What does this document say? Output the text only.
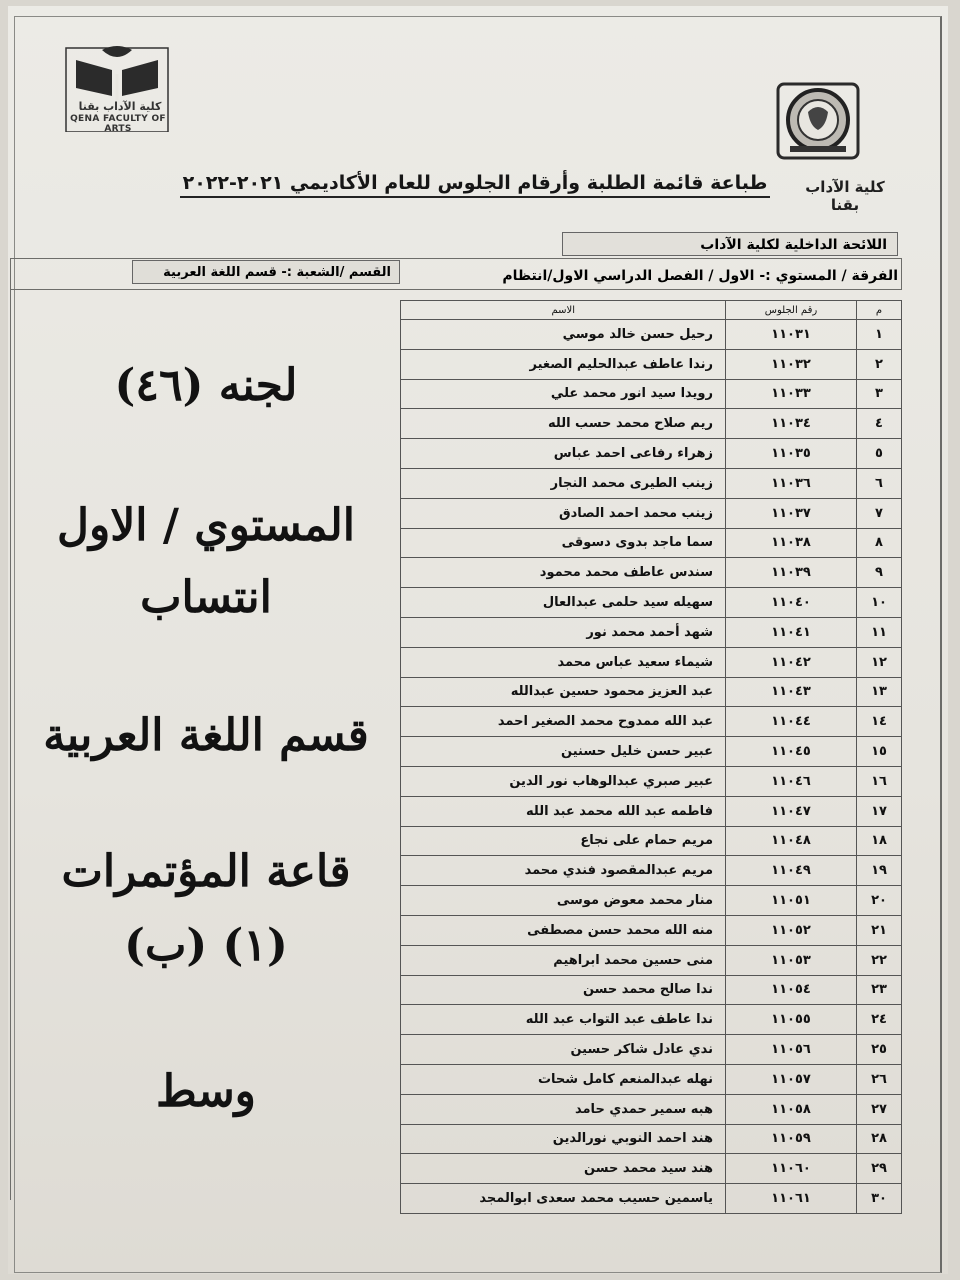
كلية الآداب بقنا
كلية الآداب بقنا
QENA FACULTY OF ARTS
طباعة قائمة الطلبة وأرقام الجلوس للعام الأكاديمي ٢٠٢١-٢٠٢٢
اللائحة الداخلية لكلية الآداب
الفرقة / المستوي :- الاول / الفصل الدراسي الاول/انتظام
القسم /الشعبة :- قسم اللغة العربية
لجنه (٤٦)
المستوي / الاول
انتساب
قسم اللغة العربية
قاعة المؤتمرات
(١) (ب)
وسط
م	رقم الجلوس	الاسم
١	١١٠٣١	رحيل حسن خالد موسي
٢	١١٠٣٢	رندا عاطف عبدالحليم الصغير
٣	١١٠٣٣	رويدا سيد انور محمد علي
٤	١١٠٣٤	ريم صلاح محمد حسب الله
٥	١١٠٣٥	زهراء رفاعى احمد عباس
٦	١١٠٣٦	زينب الطيرى محمد النجار
٧	١١٠٣٧	زينب محمد احمد الصادق
٨	١١٠٣٨	سما ماجد بدوى دسوقى
٩	١١٠٣٩	سندس عاطف محمد محمود
١٠	١١٠٤٠	سهيله سيد حلمى عبدالعال
١١	١١٠٤١	شهد أحمد محمد نور
١٢	١١٠٤٢	شيماء سعيد عباس محمد
١٣	١١٠٤٣	عبد العزيز محمود حسين عبدالله
١٤	١١٠٤٤	عبد الله ممدوح محمد الصغير احمد
١٥	١١٠٤٥	عبير حسن خليل حسنين
١٦	١١٠٤٦	عبير صبري عبدالوهاب نور الدين
١٧	١١٠٤٧	فاطمه عبد الله محمد عبد الله
١٨	١١٠٤٨	مريم حمام على نجاع
١٩	١١٠٤٩	مريم عبدالمقصود فندي محمد
٢٠	١١٠٥١	منار محمد معوض موسى
٢١	١١٠٥٢	منه الله محمد حسن مصطفى
٢٢	١١٠٥٣	منى حسين محمد ابراهيم
٢٣	١١٠٥٤	ندا صالح محمد حسن
٢٤	١١٠٥٥	ندا عاطف عبد التواب عبد الله
٢٥	١١٠٥٦	ندي عادل شاكر حسين
٢٦	١١٠٥٧	نهله عبدالمنعم كامل شحات
٢٧	١١٠٥٨	هبه سمير حمدي حامد
٢٨	١١٠٥٩	هند احمد النوبي نورالدين
٢٩	١١٠٦٠	هند سيد محمد حسن
٣٠	١١٠٦١	ياسمين حسيب محمد سعدى ابوالمجد
